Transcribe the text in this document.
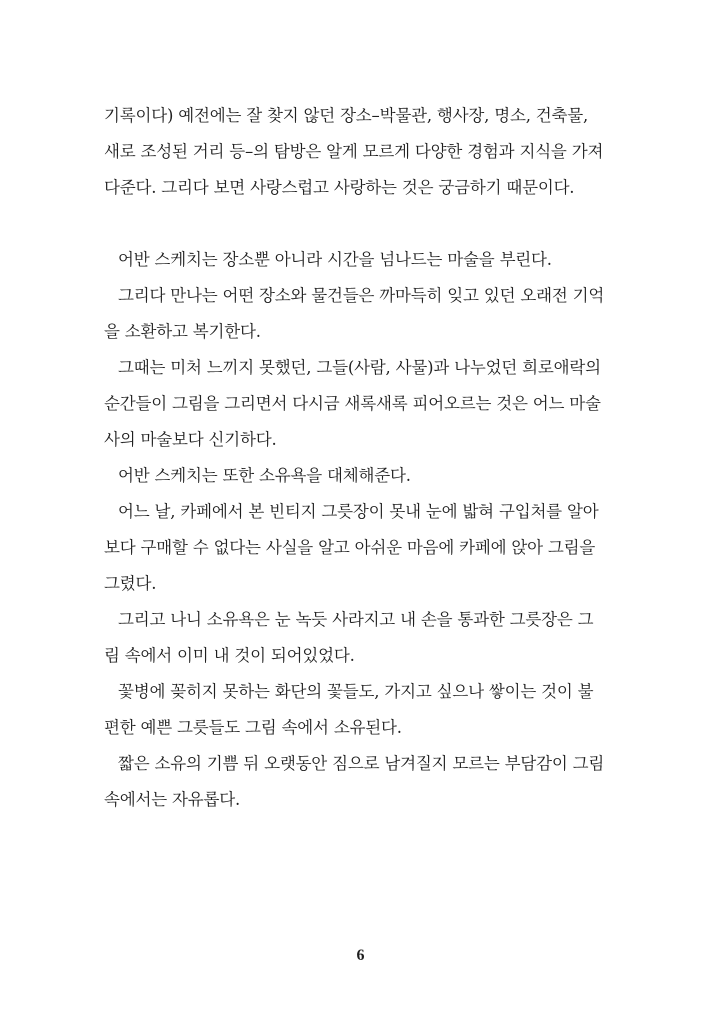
기록이다) 예전에는 잘 찾지 않던 장소–박물관, 행사장, 명소, 건축물,
새로 조성된 거리 등–의 탐방은 알게 모르게 다양한 경험과 지식을 가져
다준다. 그리다 보면 사랑스럽고 사랑하는 것은 궁금하기 때문이다.
어반 스케치는 장소뿐 아니라 시간을 넘나드는 마술을 부린다.
그리다 만나는 어떤 장소와 물건들은 까마득히 잊고 있던 오래전 기억
을 소환하고 복기한다.
그때는 미처 느끼지 못했던, 그들(사람, 사물)과 나누었던 희로애락의
순간들이 그림을 그리면서 다시금 새록새록 피어오르는 것은 어느 마술
사의 마술보다 신기하다.
어반 스케치는 또한 소유욕을 대체해준다.
어느 날, 카페에서 본 빈티지 그릇장이 못내 눈에 밟혀 구입처를 알아
보다 구매할 수 없다는 사실을 알고 아쉬운 마음에 카페에 앉아 그림을
그렸다.
그리고 나니 소유욕은 눈 녹듯 사라지고 내 손을 통과한 그릇장은 그
림 속에서 이미 내 것이 되어있었다.
꽃병에 꽂히지 못하는 화단의 꽃들도, 가지고 싶으나 쌓이는 것이 불
편한 예쁜 그릇들도 그림 속에서 소유된다.
짧은 소유의 기쁨 뒤 오랫동안 짐으로 남겨질지 모르는 부담감이 그림
속에서는 자유롭다.
6
